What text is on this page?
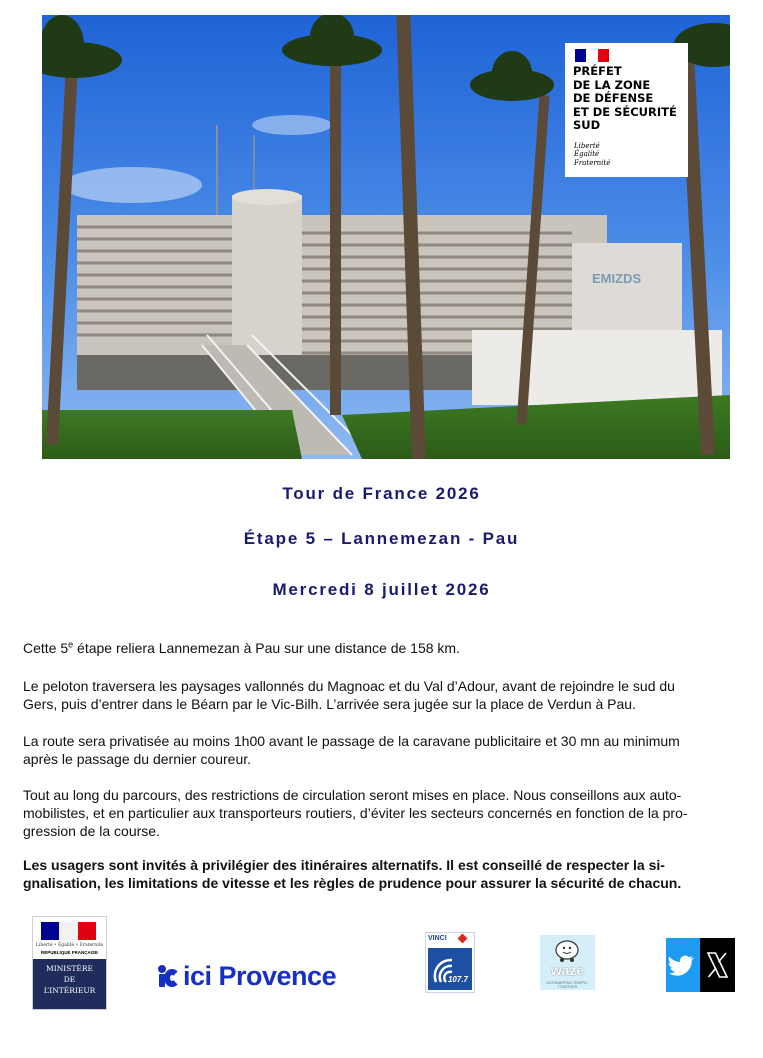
EMIZDS
PRÉFET
DE LA ZONE
DE DÉFENSE
ET DE SÉCURITÉ
SUD
Liberté
Égalité
Fraternité
Tour de France 2026
Étape 5 – Lannemezan - Pau
Mercredi 8 juillet 2026
Cette 5e étape reliera Lannemezan à Pau sur une distance de 158 km.
Le peloton traversera les paysages vallonnés du Magnoac et du Val d’Adour, avant de rejoindre le sud du
Gers, puis d’entrer dans le Béarn par le Vic-Bilh. L’arrivée sera jugée sur la place de Verdun à Pau.
La route sera privatisée au moins 1h00 avant le passage de la caravane publicitaire et 30 mn au minimum
après le passage du dernier coureur.
Tout au long du parcours, des restrictions de circulation seront mises en place. Nous conseillons aux auto-
mobilistes, et en particulier aux transporteurs routiers, d’éviter les secteurs concernés en fonction de la pro-
gression de la course.
Les usagers sont invités à privilégier des itinéraires alternatifs. Il est conseillé de respecter la si-
gnalisation, les limitations de vitesse et les règles de prudence pour assurer la sécurité de chacun.
Liberté • Égalité • Fraternité
RÉPUBLIQUE FRANÇAISE
MINISTÈRE
DE
L’INTÉRIEUR	ici Provence
VINCI
107.7
waze
OUTSMARTING TRAFFIC, TOGETHER
